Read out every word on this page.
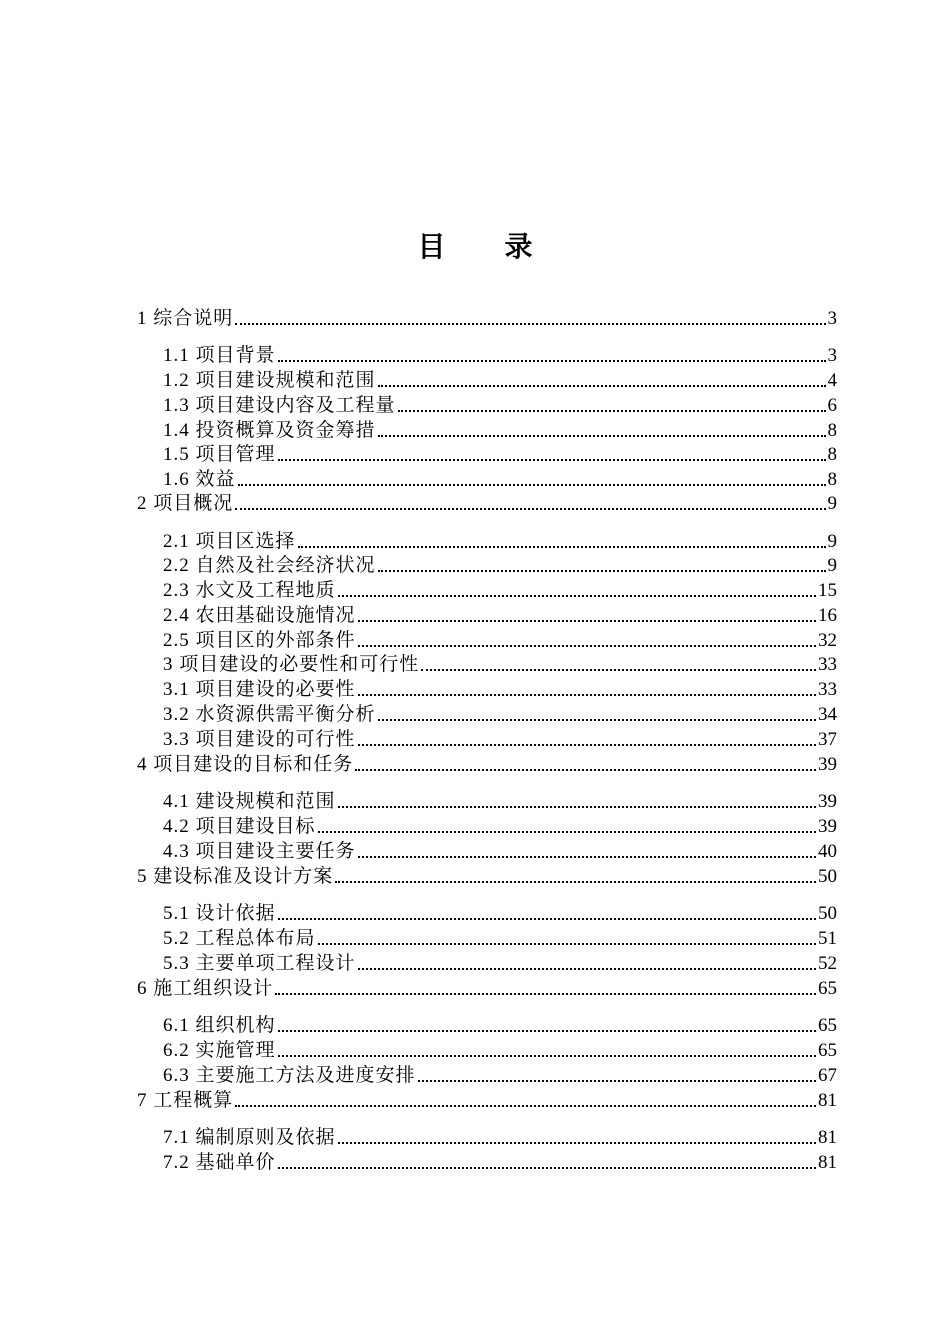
目 录
1 综合说明	3
1.1 项目背景	3
1.2 项目建设规模和范围	4
1.3 项目建设内容及工程量	6
1.4 投资概算及资金筹措	8
1.5 项目管理	8
1.6 效益	8
2 项目概况	9
2.1 项目区选择	9
2.2 自然及社会经济状况	9
2.3 水文及工程地质	15
2.4 农田基础设施情况	16
2.5 项目区的外部条件	32
3 项目建设的必要性和可行性	33
3.1 项目建设的必要性	33
3.2 水资源供需平衡分析	34
3.3 项目建设的可行性	37
4 项目建设的目标和任务	39
4.1 建设规模和范围	39
4.2 项目建设目标	39
4.3 项目建设主要任务	40
5 建设标准及设计方案	50
5.1 设计依据	50
5.2 工程总体布局	51
5.3 主要单项工程设计	52
6 施工组织设计	65
6.1 组织机构	65
6.2 实施管理	65
6.3 主要施工方法及进度安排	67
7 工程概算	81
7.1 编制原则及依据	81
7.2 基础单价	81
